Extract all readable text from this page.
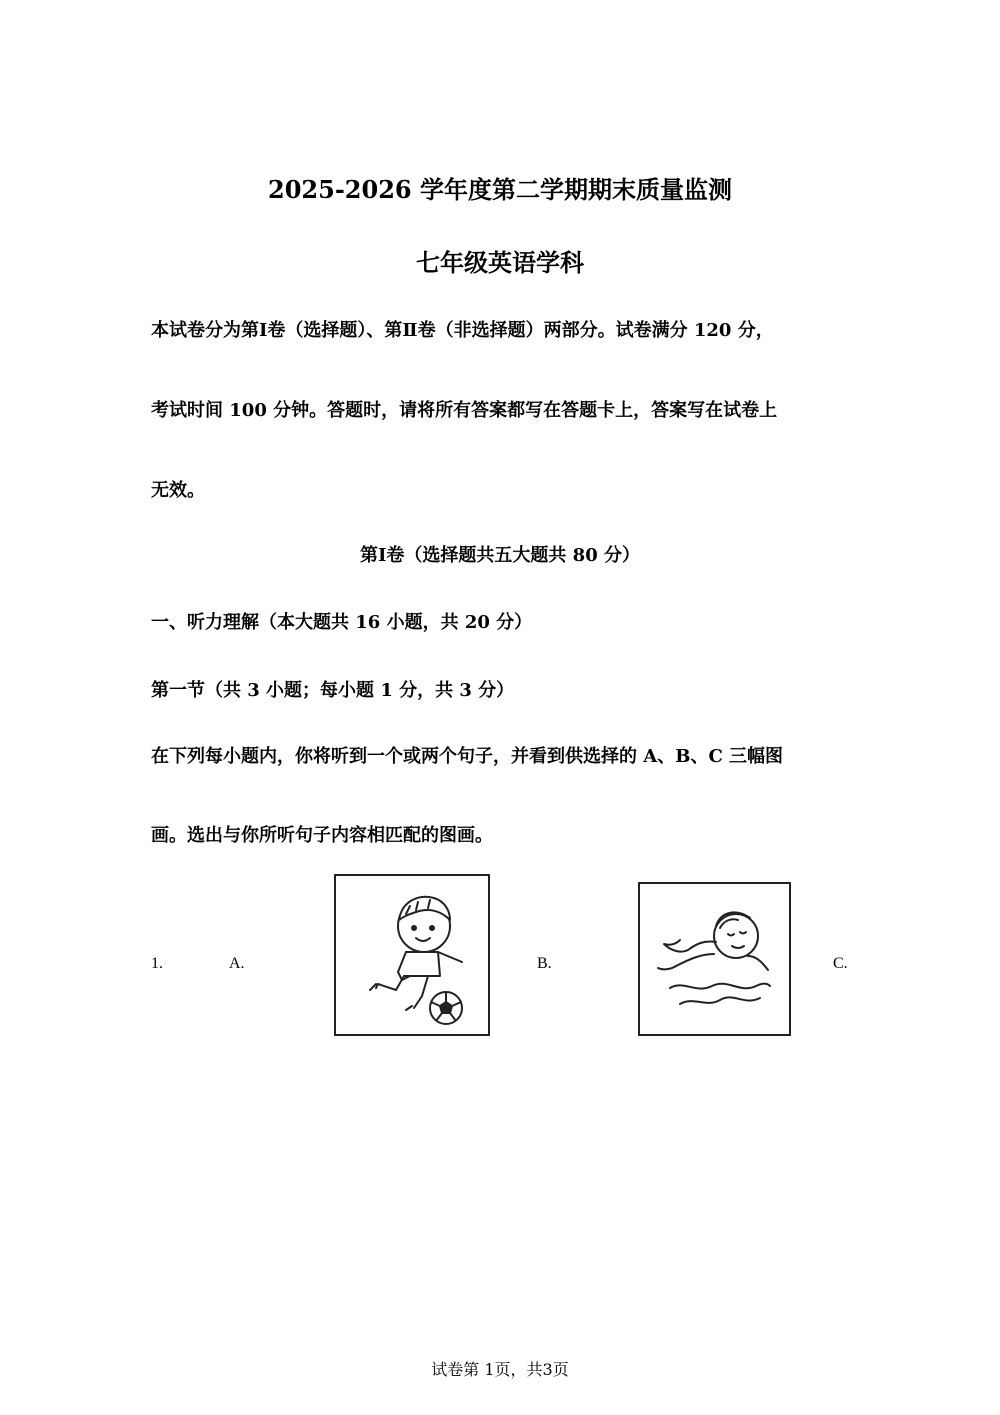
2025-2026 学年度第二学期期末质量监测
七年级英语学科
本试卷分为第Ⅰ卷（选择题）、第Ⅱ卷（非选择题）两部分。试卷满分 120 分，
考试时间 100 分钟。答题时，请将所有答案都写在答题卡上，答案写在试卷上
无效。
第Ⅰ卷（选择题共五大题共 80 分）
一、听力理解（本大题共 16 小题，共 20 分）
第一节（共 3 小题；每小题 1 分，共 3 分）
在下列每小题内，你将听到一个或两个句子，并看到供选择的 A、B、C 三幅图
画。选出与你所听句子内容相匹配的图画。
1.	A.	B.	C.
试卷第 1页，共3页
